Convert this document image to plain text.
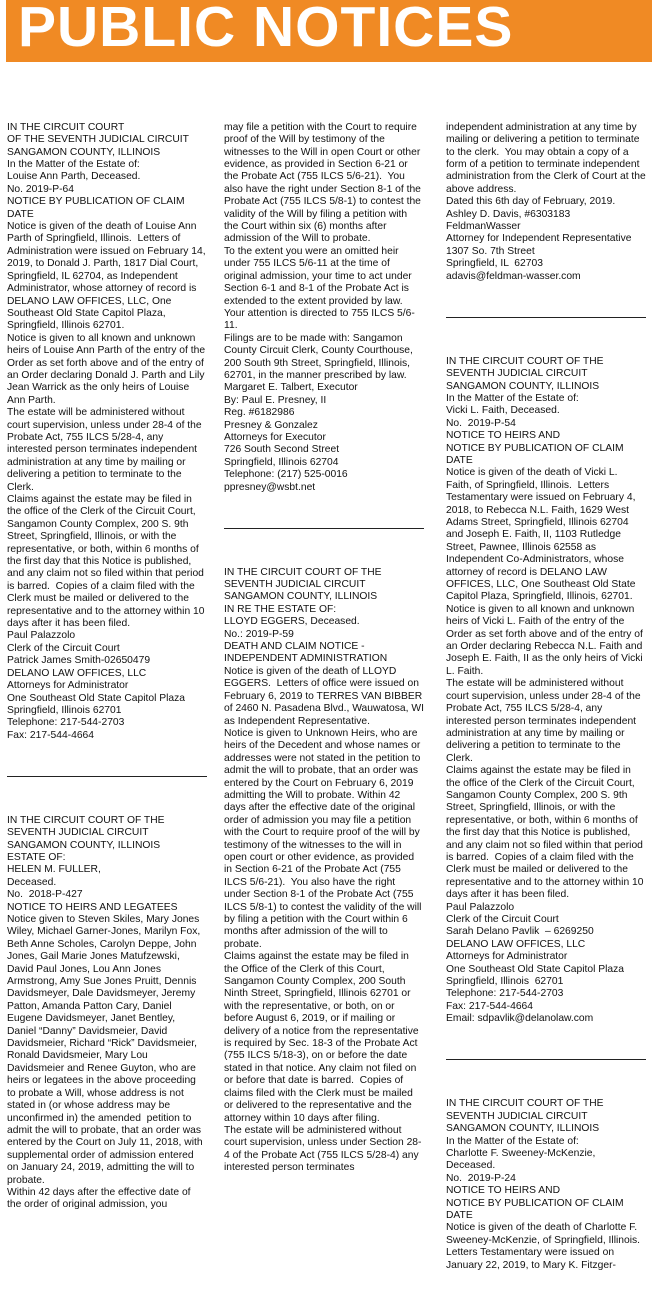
PUBLIC NOTICES

IN THE CIRCUIT COURT
OF THE SEVENTH JUDICIAL CIRCUIT
SANGAMON COUNTY, ILLINOIS
In the Matter of the Estate of:
Louise Ann Parth, Deceased.
No. 2019-P-64
NOTICE BY PUBLICATION OF CLAIM DATE
Notice is given of the death of Louise Ann Parth of Springfield, Illinois.  Letters of Administration were issued on February 14, 2019, to Donald J. Parth, 1817 Dial Court, Springfield, IL 62704, as Independent Administrator, whose attorney of record is DELANO LAW OFFICES, LLC, One Southeast Old State Capitol Plaza, Springfield, Illinois 62701.
Notice is given to all known and unknown heirs of Louise Ann Parth of the entry of the Order as set forth above and of the entry of an Order declaring Donald J. Parth and Lily Jean Warrick as the only heirs of Louise Ann Parth.
The estate will be administered without court supervision, unless under 28-4 of the Probate Act, 755 ILCS 5/28-4, any interested person terminates independent administration at any time by mailing or delivering a petition to terminate to the Clerk.
Claims against the estate may be filed in the office of the Clerk of the Circuit Court, Sangamon County Complex, 200 S. 9th Street, Springfield, Illinois, or with the representative, or both, within 6 months of the first day that this Notice is published, and any claim not so filed within that period is barred.  Copies of a claim filed with the Clerk must be mailed or delivered to the representative and to the attorney within 10 days after it has been filed.
Paul Palazzolo
Clerk of the Circuit Court
Patrick James Smith-02650479
DELANO LAW OFFICES, LLC
Attorneys for Administrator
One Southeast Old State Capitol Plaza
Springfield, Illinois 62701
Telephone: 217-544-2703
Fax: 217-544-4664

IN THE CIRCUIT COURT OF THE SEVENTH JUDICIAL CIRCUIT
SANGAMON COUNTY, ILLINOIS
ESTATE OF:
HELEN M. FULLER,
Deceased.
No.  2018-P-427
NOTICE TO HEIRS AND LEGATEES
Notice given to Steven Skiles, Mary Jones Wiley, Michael Garner-Jones, Marilyn Fox, Beth Anne Scholes, Carolyn Deppe, John Jones, Gail Marie Jones Matufzewski, David Paul Jones, Lou Ann Jones Armstrong, Amy Sue Jones Pruitt, Dennis Davidsmeyer, Dale Davidsmeyer, Jeremy Patton, Amanda Patton Cary, Daniel Eugene Davidsmeyer, Janet Bentley, Daniel “Danny” Davidsmeier, David Davidsmeier, Richard “Rick” Davidsmeier, Ronald Davidsmeier, Mary Lou Davidsmeier and Renee Guyton, who are heirs or legatees in the above proceeding to probate a Will, whose address is not stated in (or whose address may be unconfirmed in) the amended  petition to admit the will to probate, that an order was entered by the Court on July 11, 2018, with supplemental order of admission entered on January 24, 2019, admitting the will to probate.
Within 42 days after the effective date of the order of original admission, you

may file a petition with the Court to require proof of the Will by testimony of the witnesses to the Will in open Court or other evidence, as provided in Section 6-21 or the Probate Act (755 ILCS 5/6-21).  You also have the right under Section 8-1 of the Probate Act (755 ILCS 5/8-1) to contest the validity of the Will by filing a petition with the Court within six (6) months after admission of the Will to probate.
To the extent you were an omitted heir under 755 ILCS 5/6-11 at the time of original admission, your time to act under Section 6-1 and 8-1 of the Probate Act is extended to the extent provided by law. Your attention is directed to 755 ILCS 5/6-11.
Filings are to be made with: Sangamon County Circuit Clerk, County Courthouse, 200 South 9th Street, Springfield, Illinois, 62701, in the manner prescribed by law.
Margaret E. Talbert, Executor
By: Paul E. Presney, II
Reg. #6182986
Presney & Gonzalez
Attorneys for Executor
726 South Second Street
Springfield, Illinois 62704
Telephone: (217) 525-0016
ppresney@wsbt.net

IN THE CIRCUIT COURT OF THE SEVENTH JUDICIAL CIRCUIT
SANGAMON COUNTY, ILLINOIS
IN RE THE ESTATE OF:
LLOYD EGGERS, Deceased.
No.: 2019-P-59
DEATH AND CLAIM NOTICE - INDEPENDENT ADMINISTRATION
Notice is given of the death of LLOYD EGGERS.  Letters of office were issued on February 6, 2019 to TERRES VAN BIBBER of 2460 N. Pasadena Blvd., Wauwatosa, WI as Independent Representative.
Notice is given to Unknown Heirs, who are heirs of the Decedent and whose names or addresses were not stated in the petition to admit the will to probate, that an order was entered by the Court on February 6, 2019 admitting the Will to probate. Within 42 days after the effective date of the original order of admission you may file a petition with the Court to require proof of the will by testimony of the witnesses to the will in open court or other evidence, as provided in Section 6-21 of the Probate Act (755 ILCS 5/6-21).  You also have the right under Section 8-1 of the Probate Act (755 ILCS 5/8-1) to contest the validity of the will by filing a petition with the Court within 6 months after admission of the will to probate.
Claims against the estate may be filed in the Office of the Clerk of this Court, Sangamon County Complex, 200 South Ninth Street, Springfield, Illinois 62701 or with the representative, or both, on or before August 6, 2019, or if mailing or delivery of a notice from the representative is required by Sec. 18-3 of the Probate Act (755 ILCS 5/18-3), on or before the date stated in that notice. Any claim not filed on or before that date is barred.  Copies of claims filed with the Clerk must be mailed or delivered to the representative and the attorney within 10 days after filing.
The estate will be administered without court supervision, unless under Section 28-4 of the Probate Act (755 ILCS 5/28-4) any interested person terminates

independent administration at any time by mailing or delivering a petition to terminate to the clerk.  You may obtain a copy of a form of a petition to terminate independent administration from the Clerk of Court at the above address.
Dated this 6th day of February, 2019.
Ashley D. Davis, #6303183
FeldmanWasser
Attorney for Independent Representative
1307 So. 7th Street
Springfield, IL  62703
adavis@feldman-wasser.com

IN THE CIRCUIT COURT OF THE SEVENTH JUDICIAL CIRCUIT
SANGAMON COUNTY, ILLINOIS
In the Matter of the Estate of:
Vicki L. Faith, Deceased.
No.  2019-P-54
NOTICE TO HEIRS AND
NOTICE BY PUBLICATION OF CLAIM DATE
Notice is given of the death of Vicki L. Faith, of Springfield, Illinois.  Letters Testamentary were issued on February 4, 2018, to Rebecca N.L. Faith, 1629 West Adams Street, Springfield, Illinois 62704 and Joseph E. Faith, II, 1103 Rutledge Street, Pawnee, Illinois 62558 as Independent Co-Administrators, whose attorney of record is DELANO LAW OFFICES, LLC, One Southeast Old State Capitol Plaza, Springfield, Illinois, 62701.
Notice is given to all known and unknown heirs of Vicki L. Faith of the entry of the Order as set forth above and of the entry of an Order declaring Rebecca N.L. Faith and Joseph E. Faith, II as the only heirs of Vicki L. Faith.
The estate will be administered without court supervision, unless under 28-4 of the Probate Act, 755 ILCS 5/28-4, any interested person terminates independent administration at any time by mailing or delivering a petition to terminate to the Clerk.
Claims against the estate may be filed in the office of the Clerk of the Circuit Court, Sangamon County Complex, 200 S. 9th Street, Springfield, Illinois, or with the representative, or both, within 6 months of the first day that this Notice is published, and any claim not so filed within that period is barred.  Copies of a claim filed with the Clerk must be mailed or delivered to the representative and to the attorney within 10 days after it has been filed.
Paul Palazzolo
Clerk of the Circuit Court
Sarah Delano Pavlik  – 6269250
DELANO LAW OFFICES, LLC
Attorneys for Administrator
One Southeast Old State Capitol Plaza
Springfield, Illinois  62701
Telephone: 217-544-2703
Fax: 217-544-4664
Email: sdpavlik@delanolaw.com

IN THE CIRCUIT COURT OF THE SEVENTH JUDICIAL CIRCUIT
SANGAMON COUNTY, ILLINOIS
In the Matter of the Estate of:
Charlotte F. Sweeney-McKenzie,
Deceased.
No.  2019-P-24
NOTICE TO HEIRS AND
NOTICE BY PUBLICATION OF CLAIM DATE
Notice is given of the death of Charlotte F. Sweeney-McKenzie, of Springfield, Illinois.  Letters Testamentary were issued on January 22, 2019, to Mary K. Fitzger-
